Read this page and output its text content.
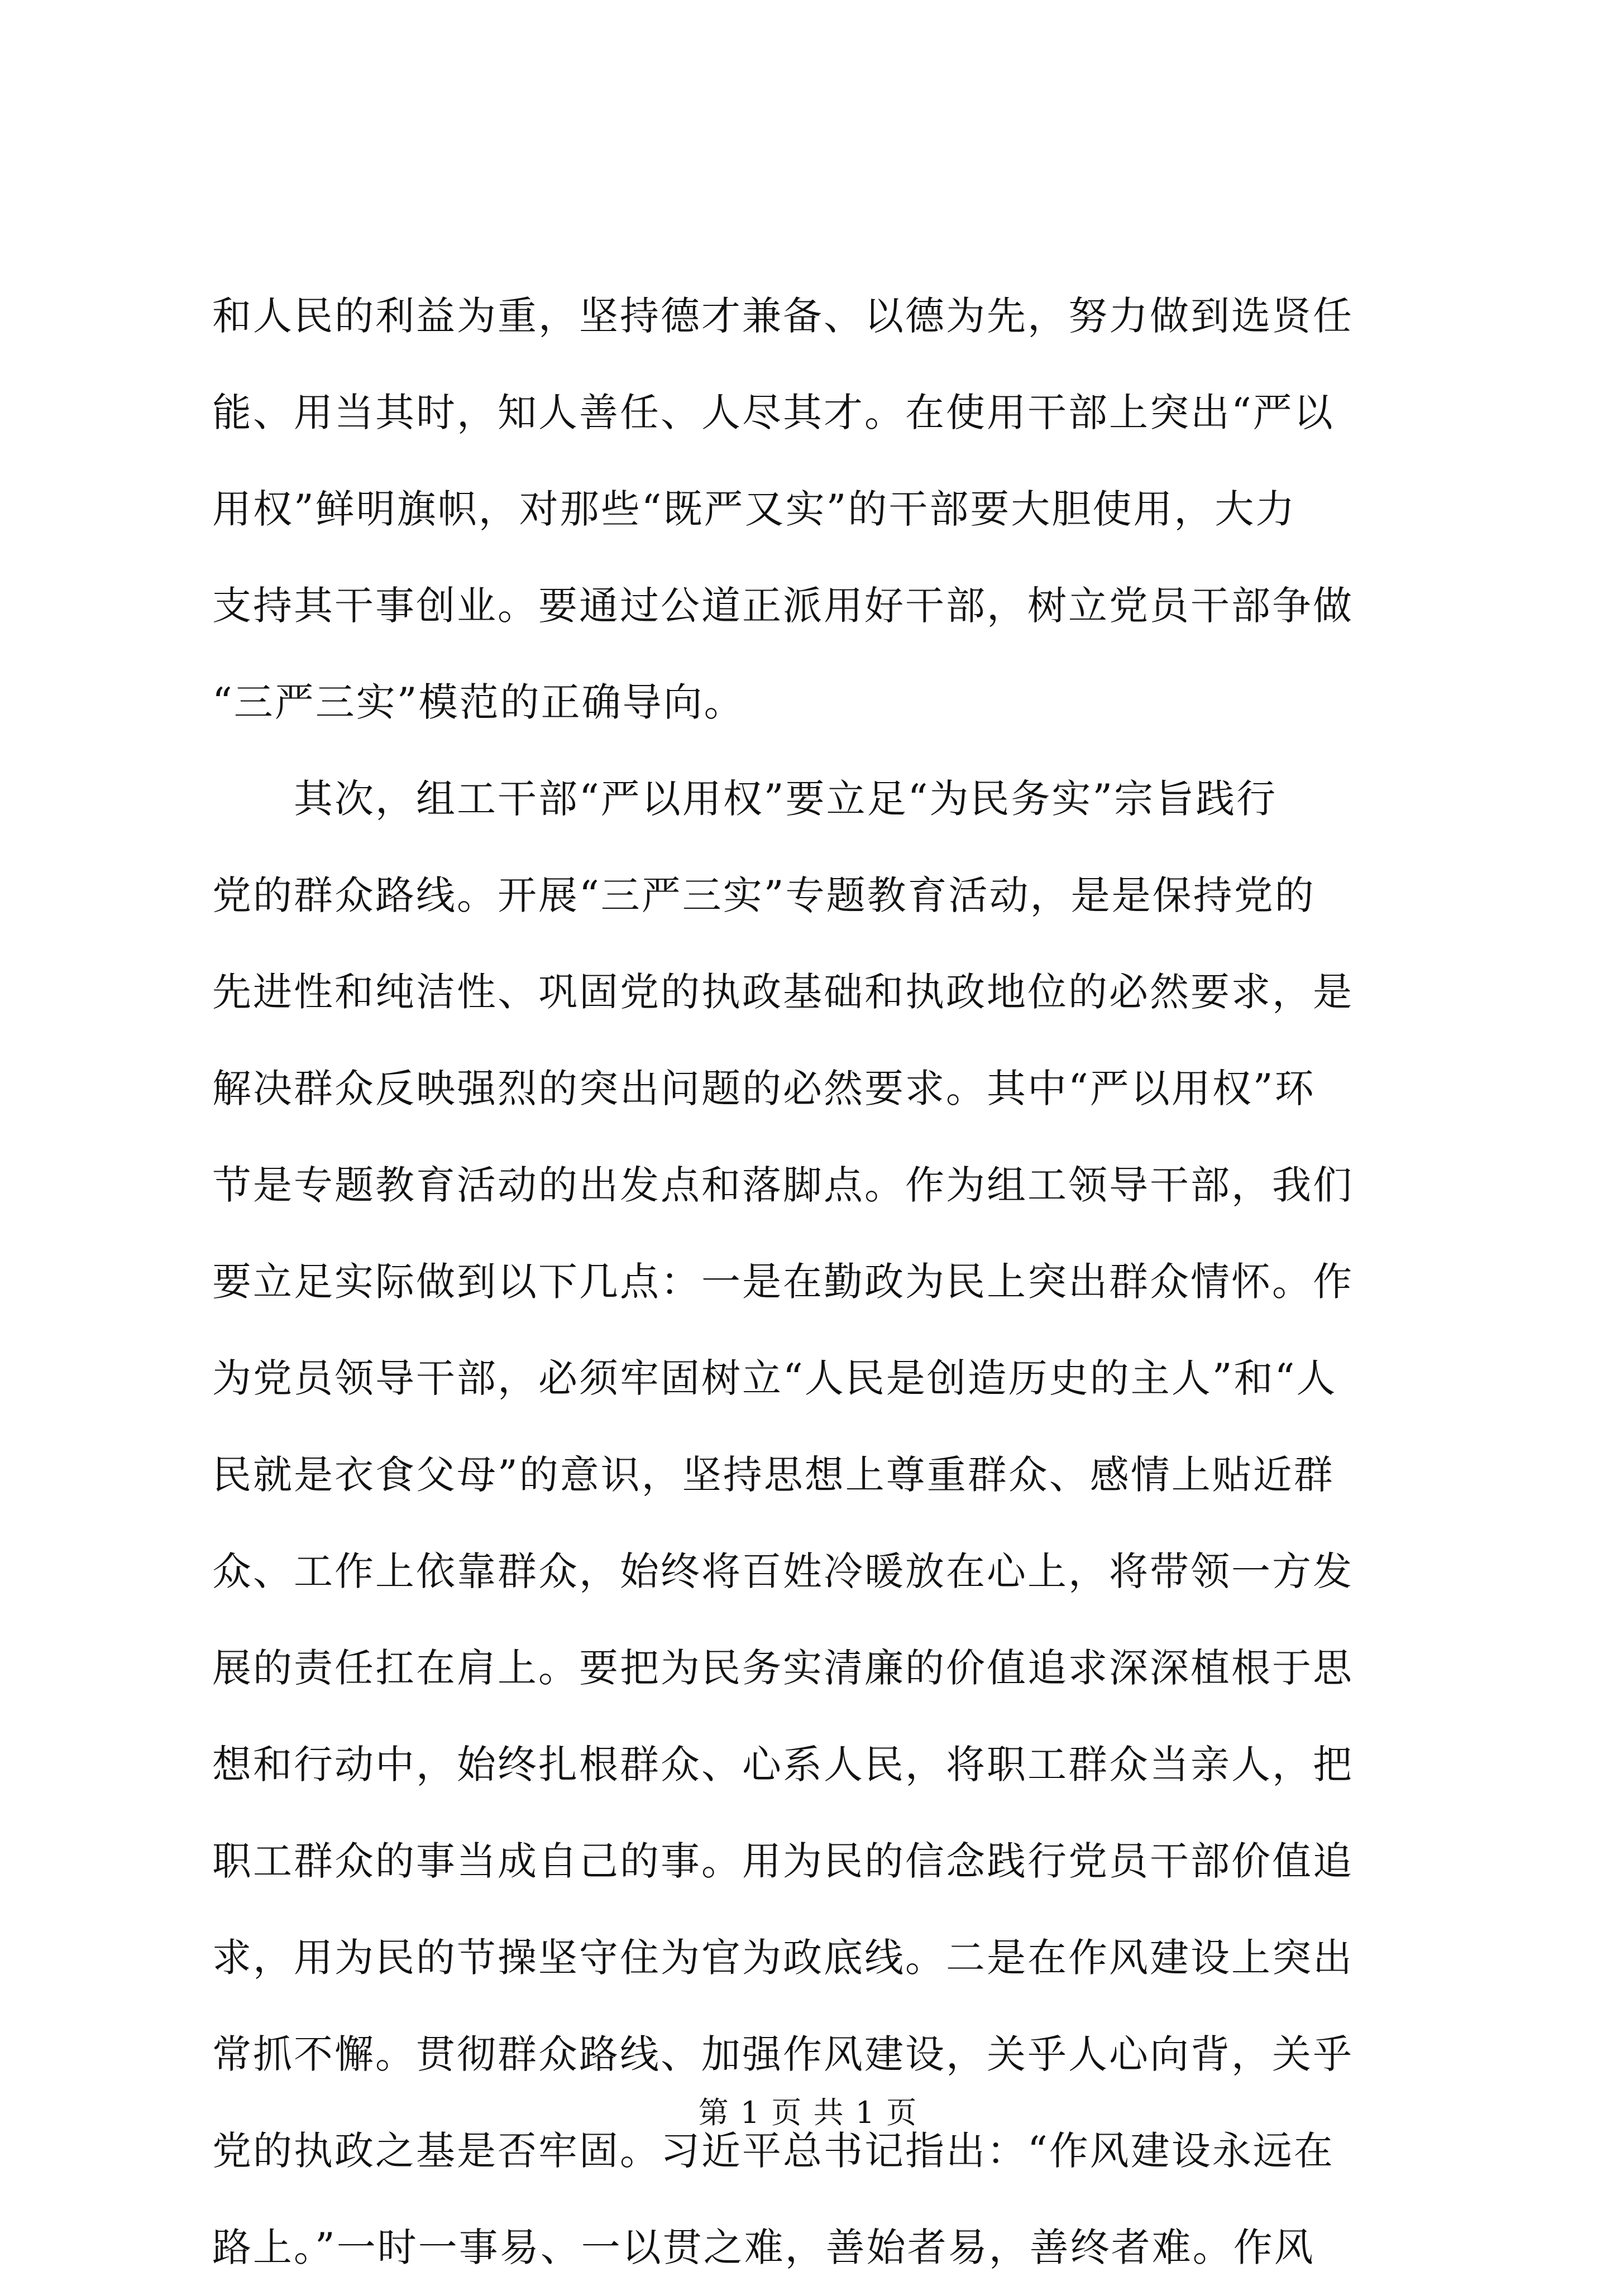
和人民的利益为重，坚持德才兼备、以德为先，努力做到选贤任
能、用当其时，知人善任、人尽其才。在使用干部上突出“严以
用权”鲜明旗帜，对那些“既严又实”的干部要大胆使用，大力
支持其干事创业。要通过公道正派用好干部，树立党员干部争做
“三严三实”模范的正确导向。
　　其次，组工干部“严以用权”要立足“为民务实”宗旨践行
党的群众路线。开展“三严三实”专题教育活动，是是保持党的
先进性和纯洁性、巩固党的执政基础和执政地位的必然要求，是
解决群众反映强烈的突出问题的必然要求。其中“严以用权”环
节是专题教育活动的出发点和落脚点。作为组工领导干部，我们
要立足实际做到以下几点：一是在勤政为民上突出群众情怀。作
为党员领导干部，必须牢固树立“人民是创造历史的主人”和“人
民就是衣食父母”的意识，坚持思想上尊重群众、感情上贴近群
众、工作上依靠群众，始终将百姓冷暖放在心上，将带领一方发
展的责任扛在肩上。要把为民务实清廉的价值追求深深植根于思
想和行动中，始终扎根群众、心系人民，将职工群众当亲人，把
职工群众的事当成自己的事。用为民的信念践行党员干部价值追
求，用为民的节操坚守住为官为政底线。二是在作风建设上突出
常抓不懈。贯彻群众路线、加强作风建设，关乎人心向背，关乎
党的执政之基是否牢固。习近平总书记指出：“作风建设永远在
路上。”一时一事易、一以贯之难，善始者易，善终者难。作风
第 1 页 共 1 页
